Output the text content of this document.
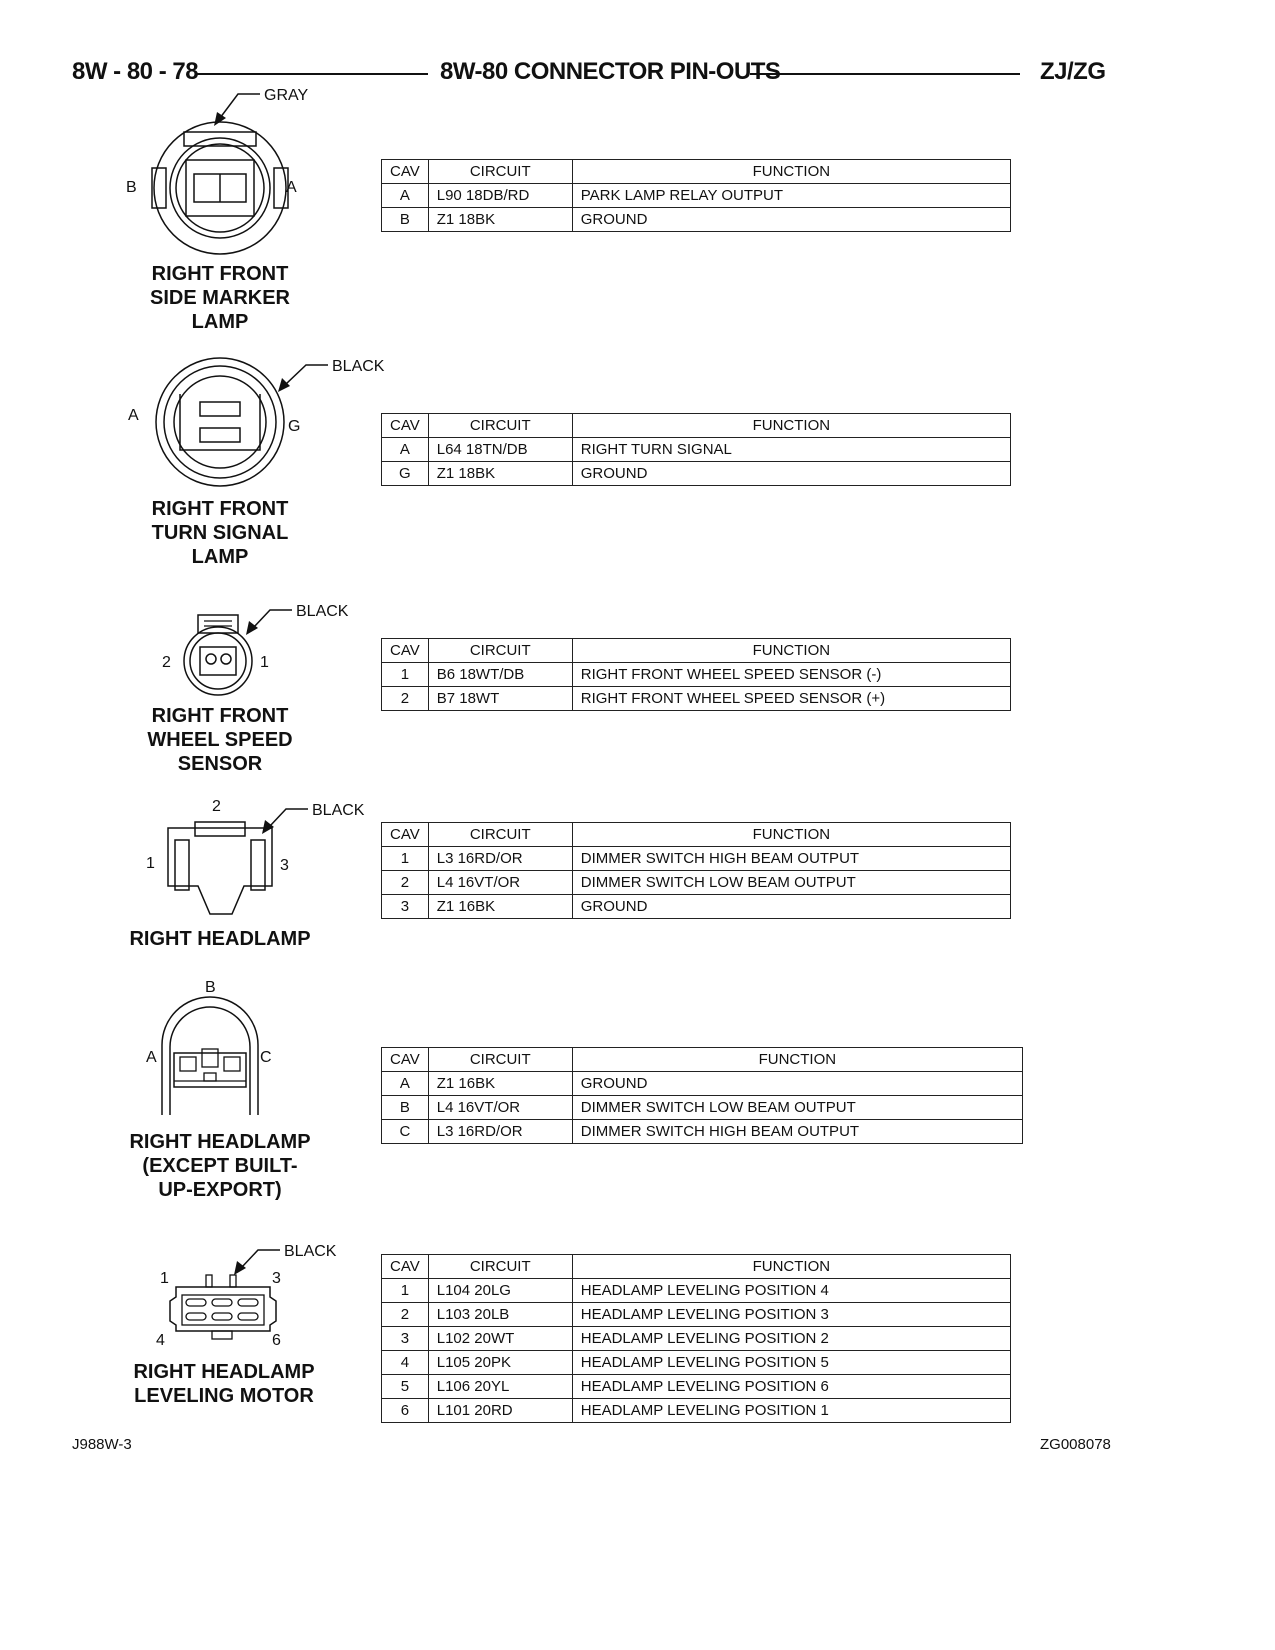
8W - 80 - 78	8W-80 CONNECTOR PIN-OUTS	ZJ/ZG
GRAY
B	A
RIGHT FRONT
SIDE MARKER
LAMP
CAV	CIRCUIT	FUNCTION
A	L90 18DB/RD	PARK LAMP RELAY OUTPUT
B	Z1 18BK	GROUND
BLACK
A
G
RIGHT FRONT
TURN SIGNAL
LAMP
CAV	CIRCUIT	FUNCTION
A	L64 18TN/DB	RIGHT TURN SIGNAL
G	Z1 18BK	GROUND
BLACK
2	1
RIGHT FRONT
WHEEL SPEED
SENSOR
CAV	CIRCUIT	FUNCTION
1	B6 18WT/DB	RIGHT FRONT WHEEL SPEED SENSOR (-)
2	B7 18WT	RIGHT FRONT WHEEL SPEED SENSOR (+)
2	BLACK
1	3
RIGHT HEADLAMP
CAV	CIRCUIT	FUNCTION
1	L3 16RD/OR	DIMMER SWITCH HIGH BEAM OUTPUT
2	L4 16VT/OR	DIMMER SWITCH LOW BEAM OUTPUT
3	Z1 16BK	GROUND
B
A	C
RIGHT HEADLAMP
(EXCEPT BUILT-
UP-EXPORT)
CAV	CIRCUIT	FUNCTION
A	Z1 16BK	GROUND
B	L4 16VT/OR	DIMMER SWITCH LOW BEAM OUTPUT
C	L3 16RD/OR	DIMMER SWITCH HIGH BEAM OUTPUT
BLACK
1	3
4	6
RIGHT HEADLAMP
LEVELING MOTOR
CAV	CIRCUIT	FUNCTION
1	L104 20LG	HEADLAMP LEVELING POSITION 4
2	L103 20LB	HEADLAMP LEVELING POSITION 3
3	L102 20WT	HEADLAMP LEVELING POSITION 2
4	L105 20PK	HEADLAMP LEVELING POSITION 5
5	L106 20YL	HEADLAMP LEVELING POSITION 6
6	L101 20RD	HEADLAMP LEVELING POSITION 1
J988W-3	ZG008078
